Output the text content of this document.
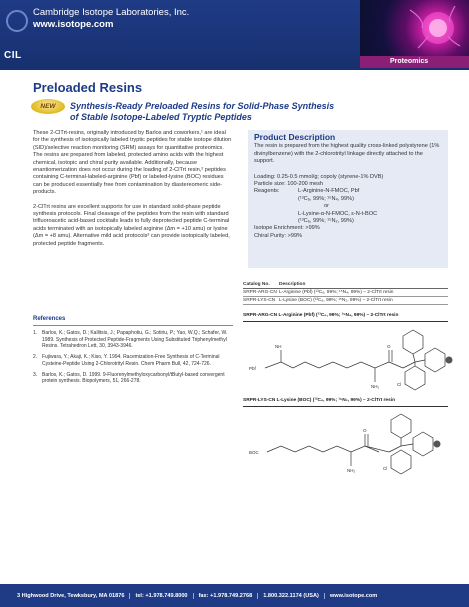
CIL
Cambridge Isotope Laboratories, Inc.
www.isotope.com
Proteomics
Preloaded Resins
NEW	Synthesis-Ready Preloaded Resins for Solid-Phase Synthesis
of Stable Isotope-Labeled Tryptic Peptides

These 2-ClTrt-resins, originally introduced by Barlos and coworkers,¹ are ideal for the synthesis of isotopically labeled tryptic peptides for stable isotope dilution (SID)/selective reaction monitoring (SRM) assays for quantitative proteomics. The resins are prepared from labeled, protected amino acids with the highest chemical, isotopic and chiral purity available. Additionally, because enantiomerization does not occur during the loading of 2-ClTrt resin,² peptides containing C-terminal-labeled-arginine (Pbf) or labeled-lysine (BOC) residues can be produced essentially free from contamination by diastereomeric side-products.

2-ClTrt resins are excellent supports for use in standard solid-phase peptide synthesis protocols. Final cleavage of the peptides from the resin with standard trifluoroacetic acid-based cocktails leads to fully deprotected peptide C-terminal acids terminated with an isotopically labeled arginine (Δm = +10 amu) or lysine (Δm = +8 amu). Alternative mild acid protocols³ can provide isotopically labeled, protected peptide fragments.

Product Description
The resin is prepared from the highest quality cross-linked polystyrene (1% divinylbenzene) with the 2-chlorotrityl linkage directly attached to the support.
Loading: 0.25-0.5 mmol/g; copoly (styrene-1% DVB)
Particle size: 100-200 mesh
Reagents:	L-Arginine-N-FMOC, Pbf
(¹³C₆, 99%; ¹⁵N₄, 99%)
or
L-Lysine-α-N-FMOC, ε-N-t-BOC
(¹³C₆, 99%; ¹⁵N₂, 99%)
Isotope Enrichment: >99%
Chiral Purity: >99%
Catalog No.	Description
SRPR-ARG-CN L-Arginine (Pbf) (¹³C₆, 99%; ¹⁵N₄, 99%) – 2-ClTrt resin
SRPR-LYS-CN L-Lysine (BOC) (¹³C₆, 99%; ¹⁵N₂, 99%) – 2-ClTrt resin
SRPR-ARG-CN L-Arginine (Pbf) (¹³C₆, 99%; ¹⁵N₄, 99%) – 2-ClTrt resin
Pbf
NH
NH₂
O
Cl
SRPR-LYS-CN L-Lysine (BOC) (¹³C₆, 99%; ¹⁵N₂, 99%) – 2-ClTrt resin
BOC
NH₂
O
Cl
References
1. Barlos, K.; Gatos, D.; Kallitsis, J.; Papaphotiu, G.; Sotiriu, P.; Yao, W.Q.; Schafer, W. 1989. Synthesis of Protected Peptide-Fragments Using Substituted Triphenylmethyl Resins. Tetrahedron Lett, 30, 3943-3946.
2. Fujiwara, Y.; Akaji, K.; Kiso, Y. 1994. Racemization-Free Synthesis of C-Terminal Cysteine-Peptide Using 2-Chlorotrityl Resin. Chem Pharm Bull, 42, 724-726.
3. Barlos, K.; Gatos, D. 1999. 9-Fluorenylmethyloxycarbonyl/tButyl-based convergent protein synthesis. Biopolymers, 51, 266-278.
3 Highwood Drive, Tewksbury, MA 01876	tel: +1.978.749.8000	fax: +1.978.749.2768	1.800.322.1174 (USA)	www.isotope.com
